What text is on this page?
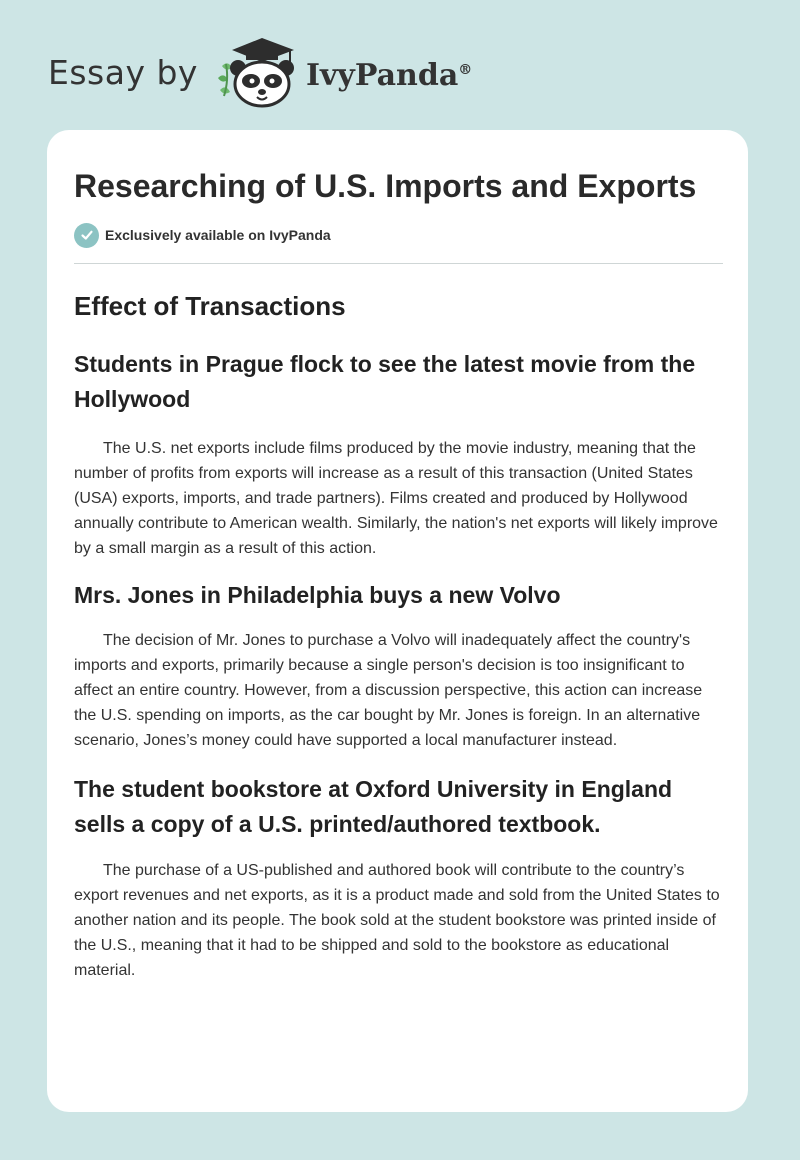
Essay by	IvyPanda®
Researching of U.S. Imports and Exports
Exclusively available on IvyPanda
Effect of Transactions
Students in Prague flock to see the latest movie from the Hollywood

The U.S. net exports include films produced by the movie industry, meaning that the number of profits from exports will increase as a result of this transaction (United States (USA) exports, imports, and trade partners). Films created and produced by Hollywood annually contribute to American wealth. Similarly, the nation's net exports will likely improve by a small margin as a result of this action.

Mrs. Jones in Philadelphia buys a new Volvo

The decision of Mr. Jones to purchase a Volvo will inadequately affect the country's imports and exports, primarily because a single person's decision is too insignificant to affect an entire country. However, from a discussion perspective, this action can increase the U.S. spending on imports, as the car bought by Mr. Jones is foreign. In an alternative scenario, Jones’s money could have supported a local manufacturer instead.

The student bookstore at Oxford University in England sells a copy of a U.S. printed/authored textbook.

The purchase of a US-published and authored book will contribute to the country’s export revenues and net exports, as it is a product made and sold from the United States to another nation and its people. The book sold at the student bookstore was printed inside of the U.S., meaning that it had to be shipped and sold to the bookstore as educational material.
